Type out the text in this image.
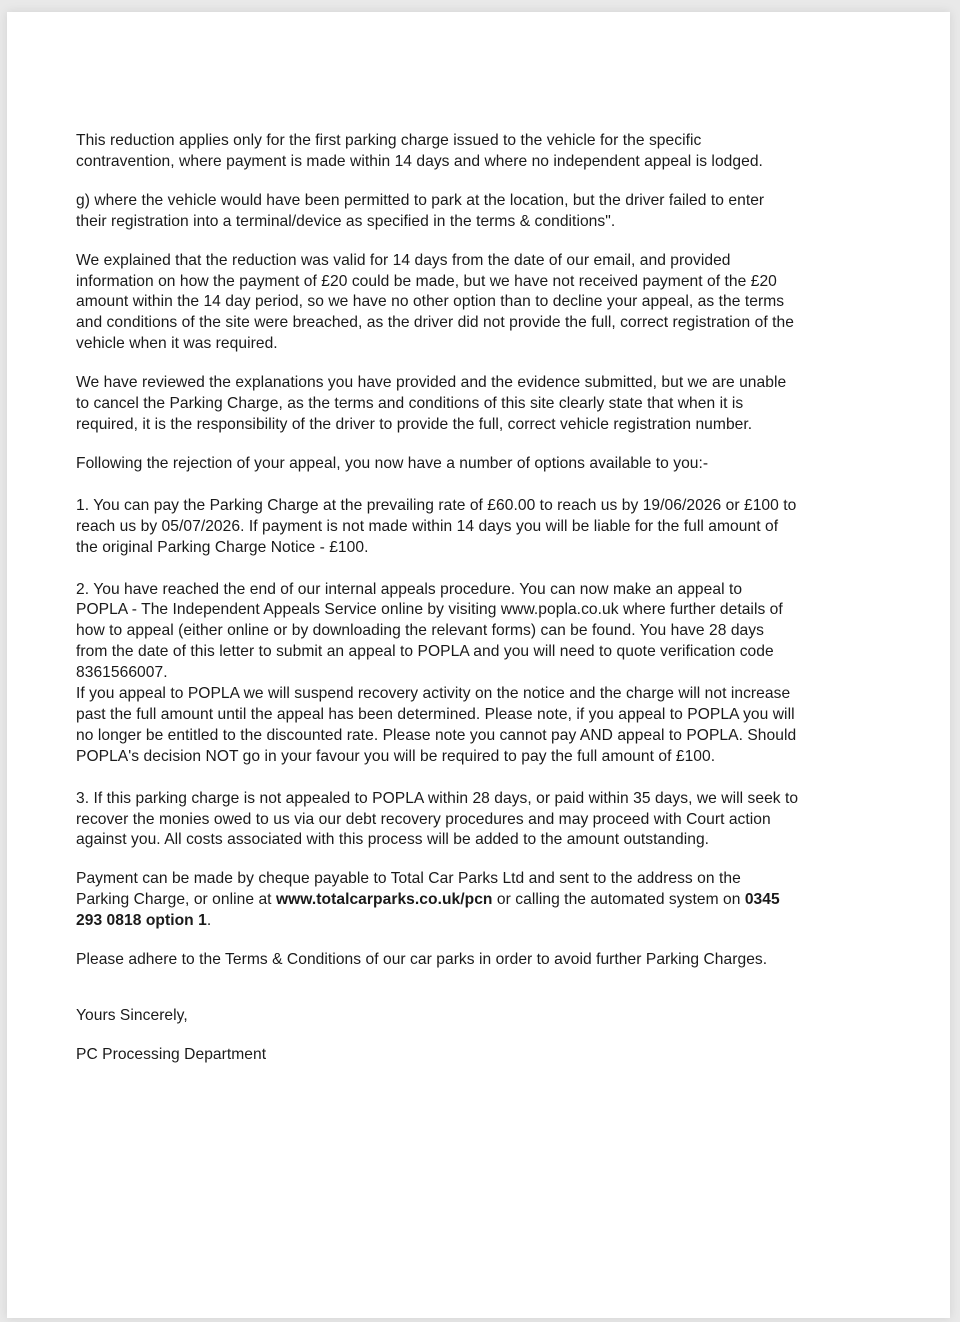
This reduction applies only for the first parking charge issued to the vehicle for the specific
contravention, where payment is made within 14 days and where no independent appeal is lodged.

g) where the vehicle would have been permitted to park at the location, but the driver failed to enter
their registration into a terminal/device as specified in the terms & conditions".

We explained that the reduction was valid for 14 days from the date of our email, and provided
information on how the payment of £20 could be made, but we have not received payment of the £20
amount within the 14 day period, so we have no other option than to decline your appeal, as the terms
and conditions of the site were breached, as the driver did not provide the full, correct registration of the
vehicle when it was required.

We have reviewed the explanations you have provided and the evidence submitted, but we are unable
to cancel the Parking Charge, as the terms and conditions of this site clearly state that when it is
required, it is the responsibility of the driver to provide the full, correct vehicle registration number.

Following the rejection of your appeal, you now have a number of options available to you:-

1. You can pay the Parking Charge at the prevailing rate of £60.00 to reach us by 19/06/2026 or £100 to
reach us by 05/07/2026. If payment is not made within 14 days you will be liable for the full amount of
the original Parking Charge Notice - £100.

2. You have reached the end of our internal appeals procedure. You can now make an appeal to
POPLA - The Independent Appeals Service online by visiting www.popla.co.uk where further details of
how to appeal (either online or by downloading the relevant forms) can be found. You have 28 days
from the date of this letter to submit an appeal to POPLA and you will need to quote verification code
8361566007.

If you appeal to POPLA we will suspend recovery activity on the notice and the charge will not increase
past the full amount until the appeal has been determined. Please note, if you appeal to POPLA you will
no longer be entitled to the discounted rate. Please note you cannot pay AND appeal to POPLA. Should
POPLA's decision NOT go in your favour you will be required to pay the full amount of £100.

3. If this parking charge is not appealed to POPLA within 28 days, or paid within 35 days, we will seek to
recover the monies owed to us via our debt recovery procedures and may proceed with Court action
against you. All costs associated with this process will be added to the amount outstanding.

Payment can be made by cheque payable to Total Car Parks Ltd and sent to the address on the
Parking Charge, or online at www.totalcarparks.co.uk/pcn or calling the automated system on 0345
293 0818 option 1.

Please adhere to the Terms & Conditions of our car parks in order to avoid further Parking Charges.

Yours Sincerely,

PC Processing Department
